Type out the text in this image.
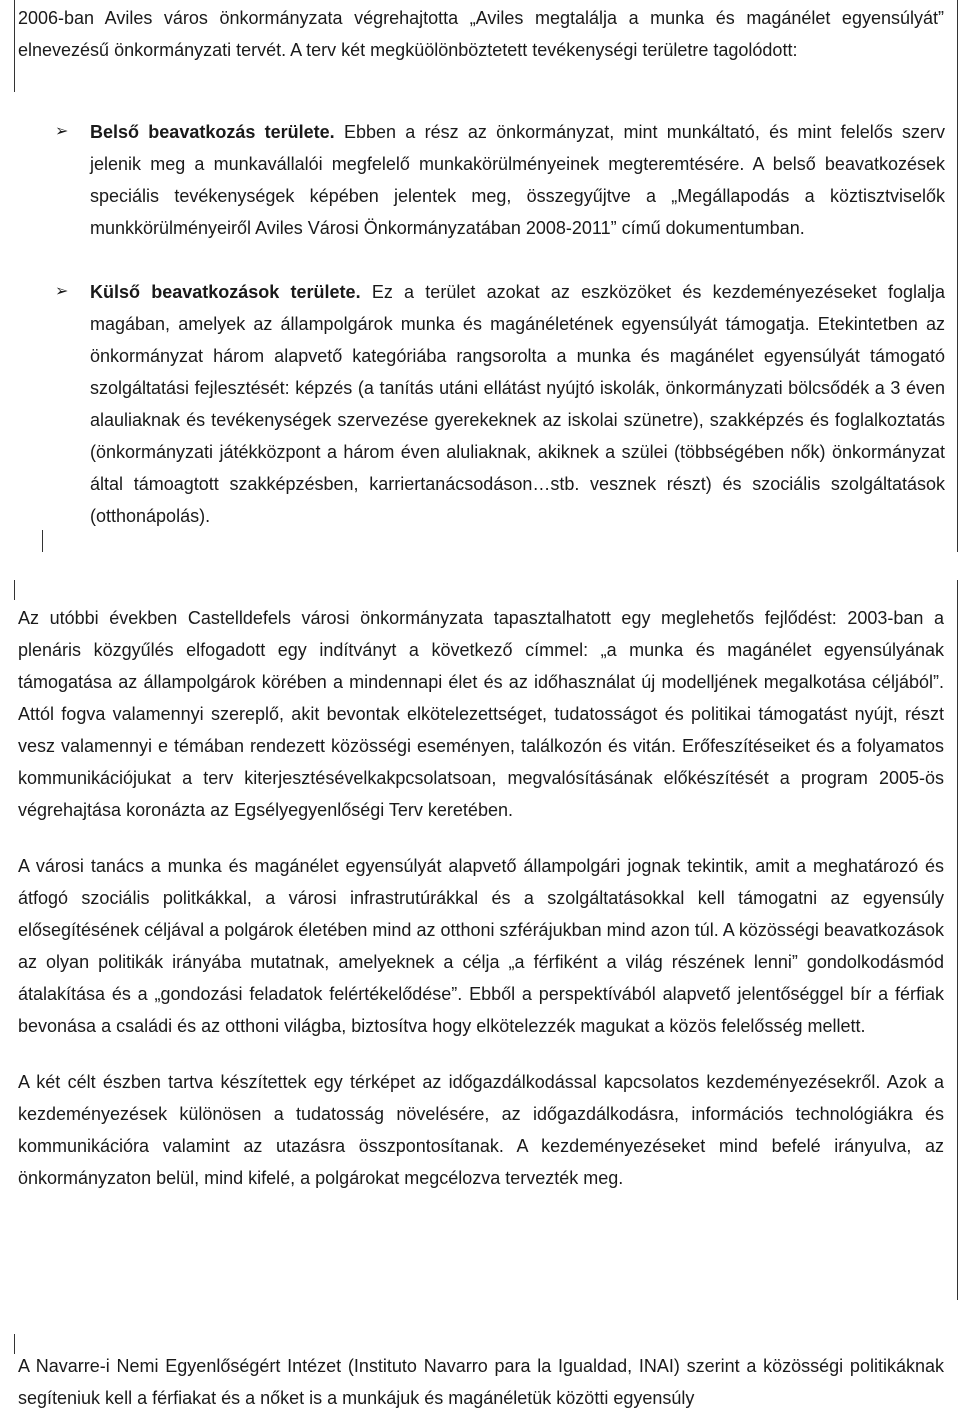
2006-ban Aviles város önkormányzata végrehajtotta „Aviles megtalálja a munka és magánélet egyensúlyát” elnevezésű önkormányzati tervét. A terv két megküölönböztetett tevékenységi területre tagolódott:

➢ Belső beavatkozás területe. Ebben a rész az önkormányzat, mint munkáltató, és mint felelős szerv jelenik meg a munkavállalói megfelelő munkakörülményeinek megteremtésére. A belső beavatkozések speciális tevékenységek képében jelentek meg, összegyűjtve a „Megállapodás a köztisztviselők munkkörülményeiről Aviles Városi Önkormányzatában 2008-2011” című dokumentumban.

➢ Külső beavatkozások területe. Ez a terület azokat az eszközöket és kezdeményezéseket foglalja magában, amelyek az állampolgárok munka és magánéletének egyensúlyát támogatja. Etekintetben az önkormányzat három alapvető kategóriába rangsorolta a munka és magánélet egyensúlyát támogató szolgáltatási fejlesztését: képzés (a tanítás utáni ellátást nyújtó iskolák, önkormányzati bölcsődék a 3 éven alauliaknak és tevékenységek szervezése gyerekeknek az iskolai szünetre), szakképzés és foglalkoztatás (önkormányzati játékközpont a három éven aluliaknak, akiknek a szülei (többségében nők) önkormányzat által támoagtott szakképzésben, karriertanácsodáson…stb. vesznek részt) és szociális szolgáltatások (otthonápolás).

Az utóbbi években Castelldefels városi önkormányzata tapasztalhatott egy meglehetős fejlődést: 2003-ban a plenáris közgyűlés elfogadott egy indítványt a következő címmel: „a munka és magánélet egyensúlyának támogatása az állampolgárok körében a mindennapi élet és az időhasználat új modelljének megalkotása céljából”. Attól fogva valamennyi szereplő, akit bevontak elkötelezettséget, tudatosságot és politikai támogatást nyújt, részt vesz valamennyi e témában rendezett közösségi eseményen, találkozón és vitán. Erőfeszítéseiket és a folyamatos kommunikációjukat a terv kiterjesztésévelkakpcsolatsoan, megvalósításának előkészítését a program 2005-ös végrehajtása koronázta az Egsélyegyenlőségi Terv keretében.

A városi tanács a munka és magánélet egyensúlyát alapvető állampolgári jognak tekintik, amit a meghatározó és átfogó szociális politkákkal, a városi infrastrutúrákkal és a szolgáltatásokkal kell támogatni az egyensúly elősegítésének céljával a polgárok életében mind az otthoni szférájukban mind azon túl. A közösségi beavatkozások az olyan politikák irányába mutatnak, amelyeknek a célja „a férfiként a világ részének lenni” gondolkodásmód átalakítása és a „gondozási feladatok felértékelődése”. Ebből a perspektívából alapvető jelentőséggel bír a férfiak bevonása a családi és az otthoni világba, biztosítva hogy elkötelezzék magukat a közös felelősség mellett.

A két célt észben tartva készítettek egy térképet az időgazdálkodással kapcsolatos kezdeményezésekről. Azok a kezdeményezések különösen a tudatosság növelésére, az időgazdálkodásra, információs technológiákra és kommunikációra valamint az utazásra összpontosítanak. A kezdeményezéseket mind befelé irányulva, az önkormányzaton belül, mind kifelé, a polgárokat megcélozva tervezték meg.

A Navarre-i Nemi Egyenlőségért Intézet (Instituto Navarro para la Igualdad, INAI) szerint a közösségi politikáknak segíteniuk kell a férfiakat és a nőket is a munkájuk és magánéletük közötti egyensúly
